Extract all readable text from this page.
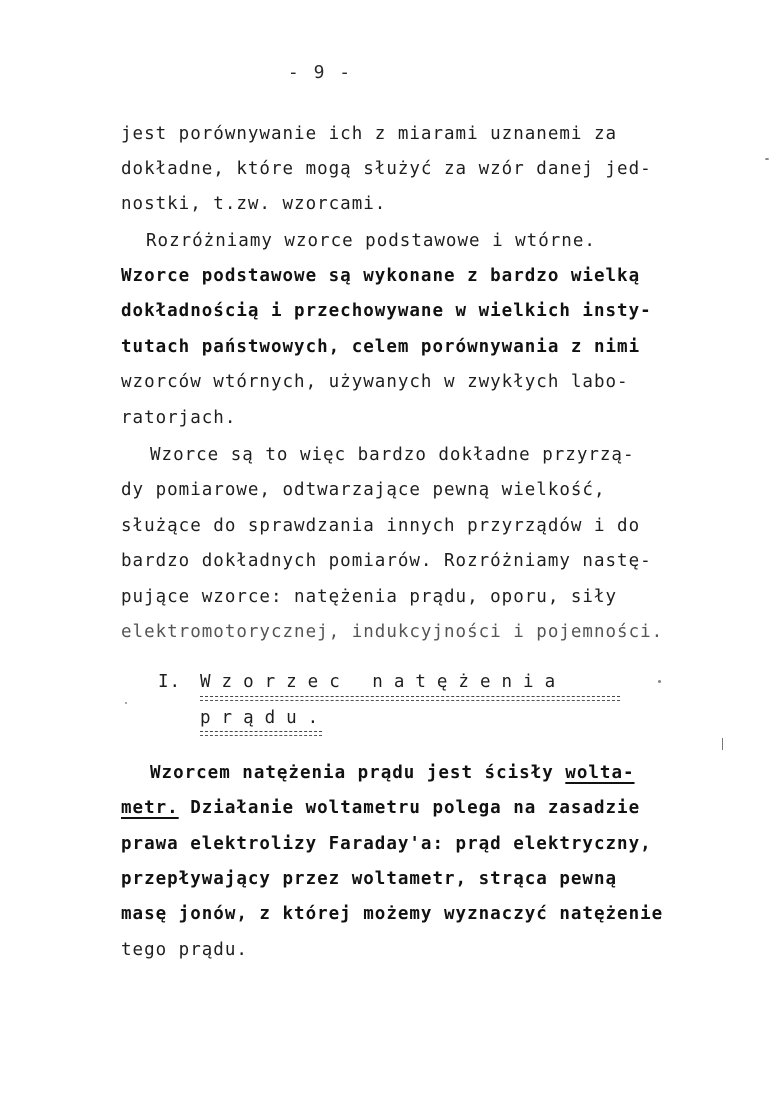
- 9 -
jest porównywanie ich z miarami uznanemi za
dokładne, które mogą służyć za wzór danej jed-
nostki, t.zw. wzorcami.
Rozróżniamy wzorce podstawowe i wtórne.
Wzorce podstawowe są wykonane z bardzo wielką
dokładnością i przechowywane w wielkich insty-
tutach państwowych, celem porównywania z nimi
wzorców wtórnych, używanych w zwykłych labo-
ratorjach.
Wzorce są to więc bardzo dokładne przyrzą-
dy pomiarowe, odtwarzające pewną wielkość,
służące do sprawdzania innych przyrządów i do
bardzo dokładnych pomiarów. Rozróżniamy nastę-
pujące wzorce: natężenia prądu, oporu, siły
elektromotorycznej, indukcyjności i pojemności.
I. Wzorzec natężenia
prądu.
Wzorcem natężenia prądu jest ścisły wolta-
metr. Działanie woltametru polega na zasadzie
prawa elektrolizy Faraday'a: prąd elektryczny,
przepływający przez woltametr, strąca pewną
masę jonów, z której możemy wyznaczyć natężenie
tego prądu.
